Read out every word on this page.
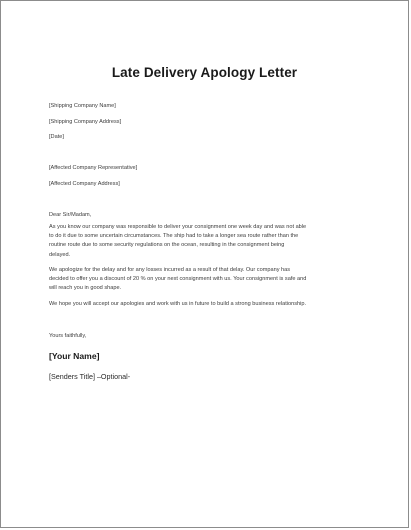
Late Delivery Apology Letter
[Shipping Company Name]
[Shipping Company Address]
[Date]
[Affected Company Representative]
[Affected Company Address]
Dear Sir/Madam,
As you know our company was responsible to deliver your consignment one week day and was not able
to do it due to some uncertain circumstances. The ship had to take a longer sea route rather than the
routine route due to some security regulations on the ocean, resulting in the consignment being
delayed.
We apologize for the delay and for any losses incurred as a result of that delay. Our company has
decided to offer you a discount of 20 % on your next consignment with us. Your consignment is safe and
will reach you in good shape.
We hope you will accept our apologies and work with us in future to build a strong business relationship.
Yours faithfully,
[Your Name]
[Senders Title] –Optional-
